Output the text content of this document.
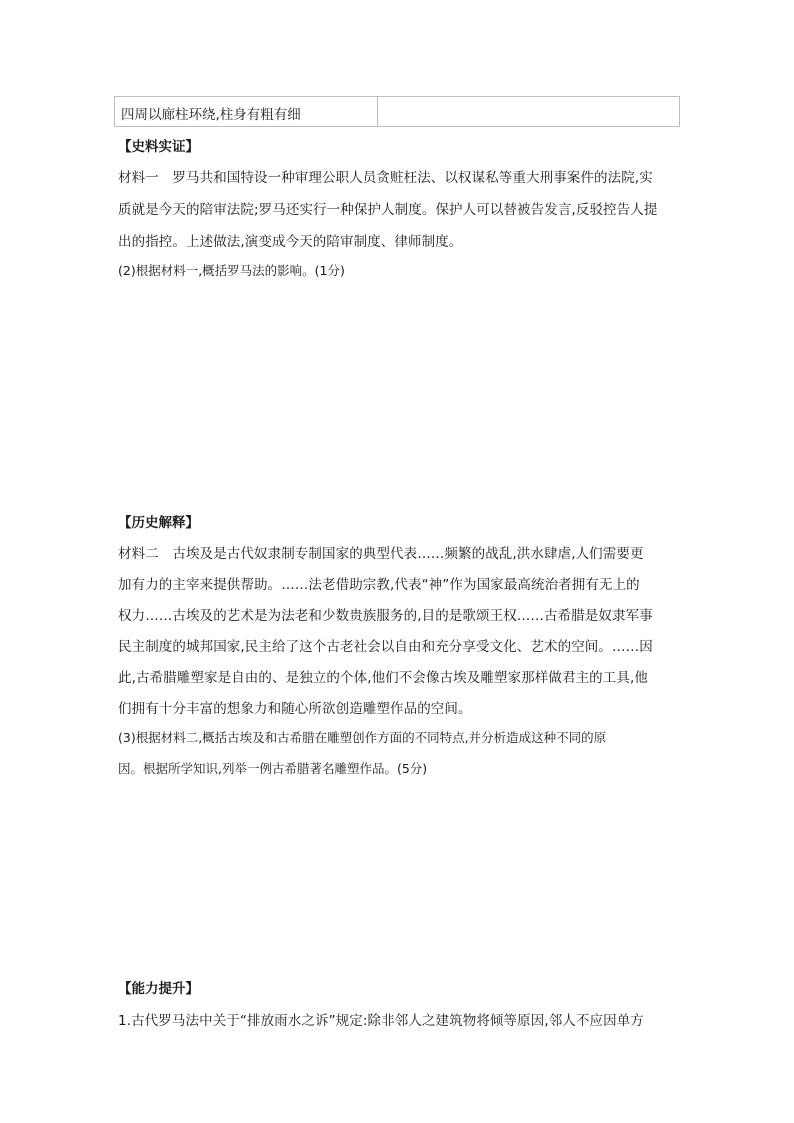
四周以廊柱环绕,柱身有粗有细
【史料实证】
材料一　罗马共和国特设一种审理公职人员贪赃枉法、以权谋私等重大刑事案件的法院,实
质就是今天的陪审法院;罗马还实行一种保护人制度。保护人可以替被告发言,反驳控告人提
出的指控。上述做法,演变成今天的陪审制度、律师制度。
(2)根据材料一,概括罗马法的影响。(1分)
【历史解释】
材料二　古埃及是古代奴隶制专制国家的典型代表……频繁的战乱,洪水肆虐,人们需要更
加有力的主宰来提供帮助。……法老借助宗教,代表“神”作为国家最高统治者拥有无上的
权力……古埃及的艺术是为法老和少数贵族服务的,目的是歌颂王权……古希腊是奴隶军事
民主制度的城邦国家,民主给了这个古老社会以自由和充分享受文化、艺术的空间。……因
此,古希腊雕塑家是自由的、是独立的个体,他们不会像古埃及雕塑家那样做君主的工具,他
们拥有十分丰富的想象力和随心所欲创造雕塑作品的空间。
(3)根据材料二,概括古埃及和古希腊在雕塑创作方面的不同特点,并分析造成这种不同的原
因。根据所学知识,列举一例古希腊著名雕塑作品。(5分)
【能力提升】
1.古代罗马法中关于“排放雨水之诉”规定:除非邻人之建筑物将倾等原因,邻人不应因单方
